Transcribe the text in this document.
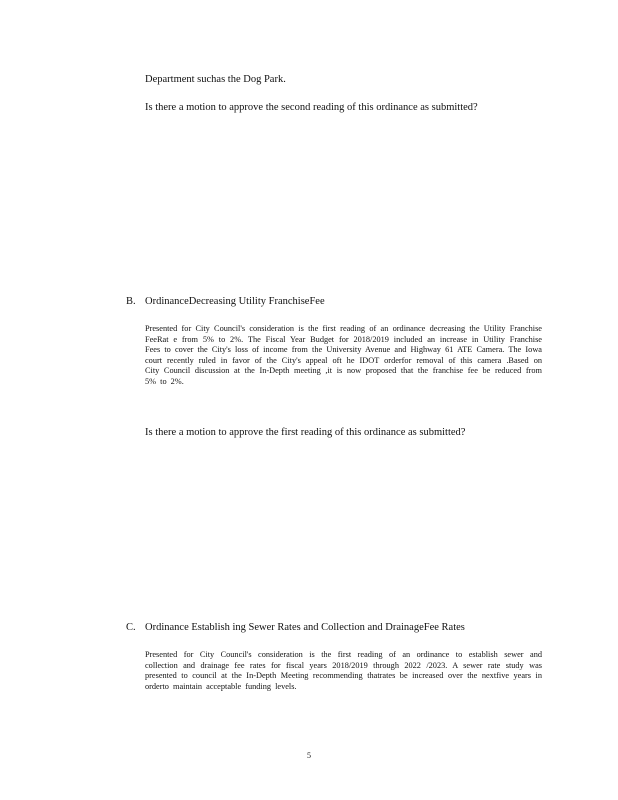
Department suchas the Dog Park.
Is there a motion to approve the second reading of this ordinance as submitted?
B. OrdinanceDecreasing Utility FranchiseFee
Presented for City Council's consideration is the first reading of an ordinance decreasing the Utility Franchise FeeRat e from 5% to 2%. The Fiscal Year Budget for 2018/2019 included an increase in Utility Franchise Fees to cover the City's loss of income from the University Avenue and Highway 61 ATE Camera. The Iowa court recently ruled in favor of the City's appeal oft he IDOT orderfor removal of this camera .Based on City Council discussion at the In-Depth meeting ,it is now proposed that the franchise fee be reduced from 5% to 2%.
Is there a motion to approve the first reading of this ordinance as submitted?
C. Ordinance Establish ing Sewer Rates and Collection and DrainageFee Rates
Presented for City Council's consideration is the first reading of an ordinance to establish sewer and collection and drainage fee rates for fiscal years 2018/2019 through 2022 /2023. A sewer rate study was presented to council at the In-Depth Meeting recommending thatrates be increased over the nextfive years in orderto maintain acceptable funding levels.
5
